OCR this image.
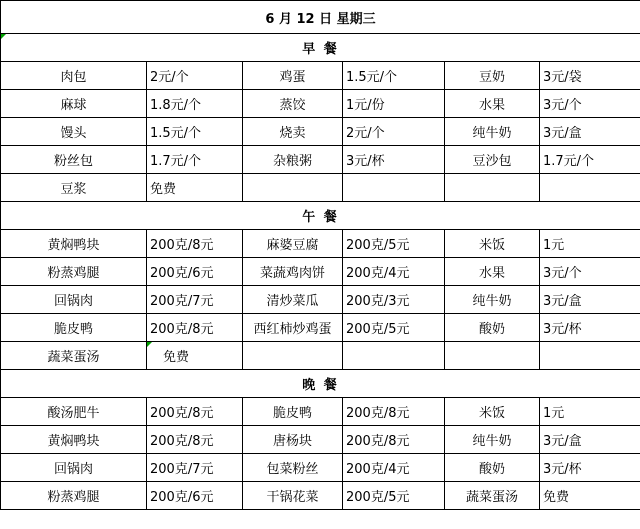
6 月 12 日 星期三					
早 餐					
肉包	2元/个	鸡蛋	1.5元/个	豆奶	3元/袋
麻球	1.8元/个	蒸饺	1元/份	水果	3元/个
馒头	1.5元/个	烧卖	2元/个	纯牛奶	3元/盒
粉丝包	1.7元/个	杂粮粥	3元/杯	豆沙包	1.7元/个
豆浆	免费				
午 餐					
黄焖鸭块	200克/8元	麻婆豆腐	200克/5元	米饭	1元
粉蒸鸡腿	200克/6元	菜蔬鸡肉饼	200克/4元	水果	3元/个
回锅肉	200克/7元	清炒菜瓜	200克/3元	纯牛奶	3元/盒
脆皮鸭	200克/8元	西红柿炒鸡蛋	200克/5元	酸奶	3元/杯
蔬菜蛋汤	免费				
晚 餐					
酸汤肥牛	200克/8元	脆皮鸭	200克/8元	米饭	1元
黄焖鸭块	200克/8元	唐杨块	200克/8元	纯牛奶	3元/盒
回锅肉	200克/7元	包菜粉丝	200克/4元	酸奶	3元/杯
粉蒸鸡腿	200克/6元	干锅花菜	200克/5元	蔬菜蛋汤	免费
